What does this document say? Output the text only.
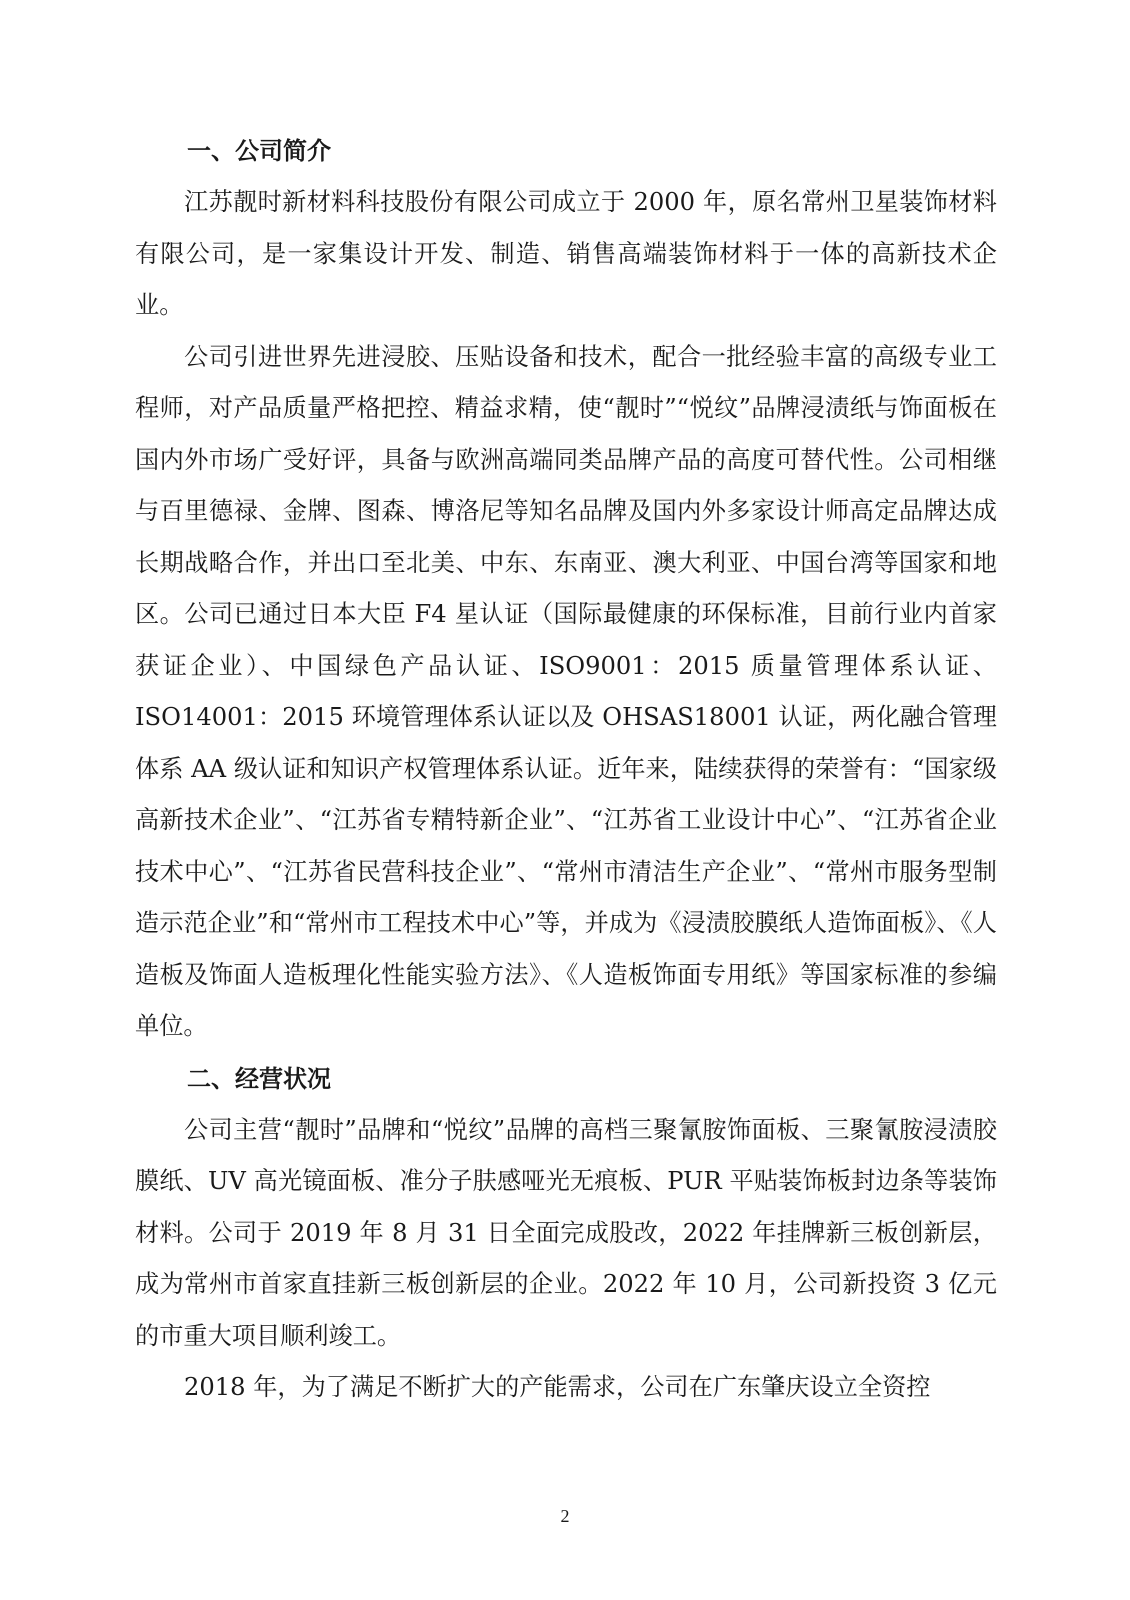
一、公司简介

江苏靓时新材料科技股份有限公司成立于 2000 年，原名常州卫星装饰材料有限公司，是一家集设计开发、制造、销售高端装饰材料于一体的高新技术企业。

公司引进世界先进浸胶、压贴设备和技术，配合一批经验丰富的高级专业工程师，对产品质量严格把控、精益求精，使“靓时”“悦纹”品牌浸渍纸与饰面板在国内外市场广受好评，具备与欧洲高端同类品牌产品的高度可替代性。公司相继与百里德禄、金牌、图森、博洛尼等知名品牌及国内外多家设计师高定品牌达成长期战略合作，并出口至北美、中东、东南亚、澳大利亚、中国台湾等国家和地区。公司已通过日本大臣 F4 星认证（国际最健康的环保标准，目前行业内首家获证企业）、中国绿色产品认证、ISO9001：2015 质量管理体系认证、ISO14001：2015 环境管理体系认证以及 OHSAS18001 认证，两化融合管理体系 AA 级认证和知识产权管理体系认证。近年来，陆续获得的荣誉有：“国家级高新技术企业”、“江苏省专精特新企业”、“江苏省工业设计中心”、“江苏省企业技术中心”、“江苏省民营科技企业”、“常州市清洁生产企业”、“常州市服务型制造示范企业”和“常州市工程技术中心”等，并成为《浸渍胶膜纸人造饰面板》、《人造板及饰面人造板理化性能实验方法》、《人造板饰面专用纸》等国家标准的参编单位。

二、经营状况

公司主营“靓时”品牌和“悦纹”品牌的高档三聚氰胺饰面板、三聚氰胺浸渍胶膜纸、UV 高光镜面板、准分子肤感哑光无痕板、PUR 平贴装饰板封边条等装饰材料。公司于 2019 年 8 月 31 日全面完成股改，2022 年挂牌新三板创新层，成为常州市首家直挂新三板创新层的企业。2022 年 10 月，公司新投资 3 亿元的市重大项目顺利竣工。

2018 年，为了满足不断扩大的产能需求，公司在广东肇庆设立全资控

2
